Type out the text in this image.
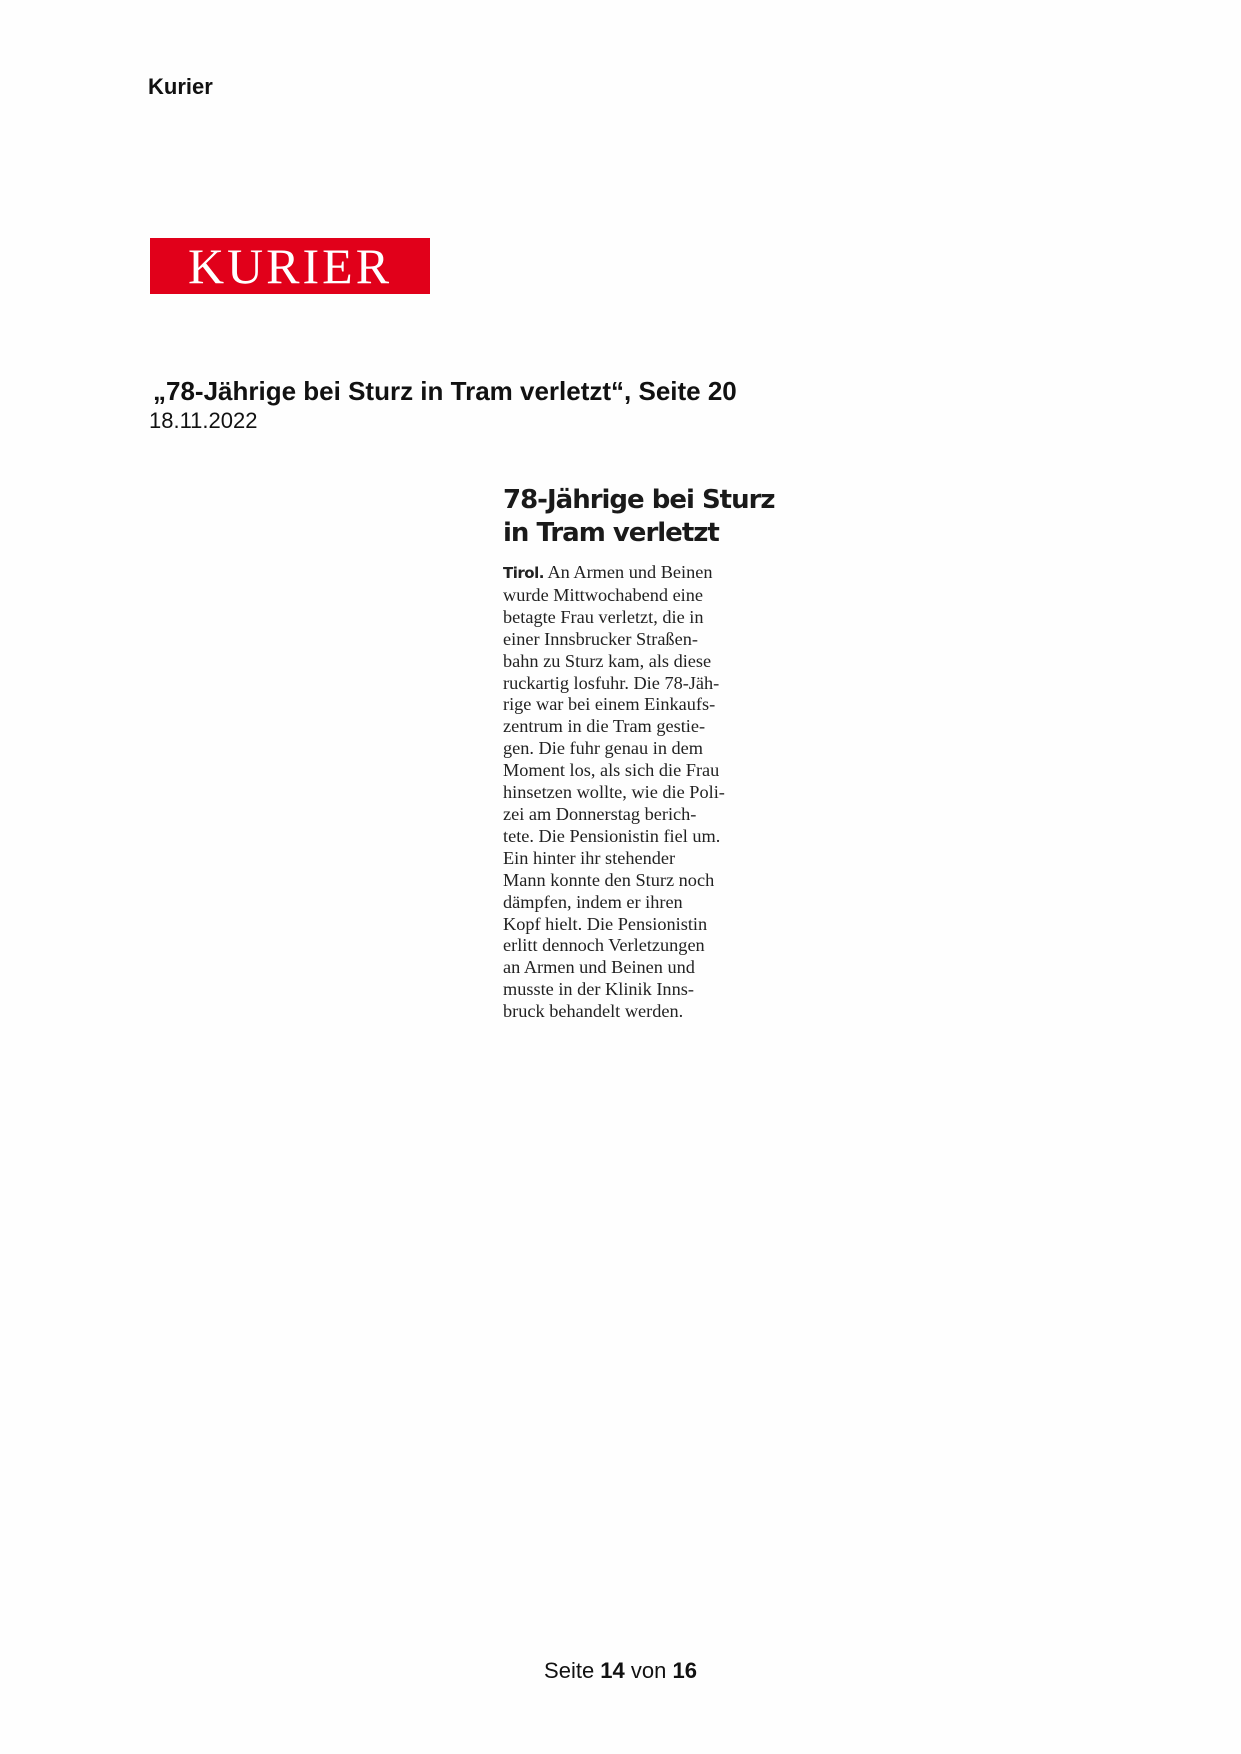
Kurier
KURIER
„78-Jährige bei Sturz in Tram verletzt“, Seite 20
18.11.2022
78-Jährige bei Sturz
in Tram verletzt
Tirol. An Armen und Beinen
wurde Mittwochabend eine
betagte Frau verletzt, die in
einer Innsbrucker Straßen-
bahn zu Sturz kam, als diese
ruckartig losfuhr. Die 78-Jäh-
rige war bei einem Einkaufs-
zentrum in die Tram gestie-
gen. Die fuhr genau in dem
Moment los, als sich die Frau
hinsetzen wollte, wie die Poli-
zei am Donnerstag berich-
tete. Die Pensionistin fiel um.
Ein hinter ihr stehender
Mann konnte den Sturz noch
dämpfen, indem er ihren
Kopf hielt. Die Pensionistin
erlitt dennoch Verletzungen
an Armen und Beinen und
musste in der Klinik Inns-
bruck behandelt werden.
Seite 14 von 16
